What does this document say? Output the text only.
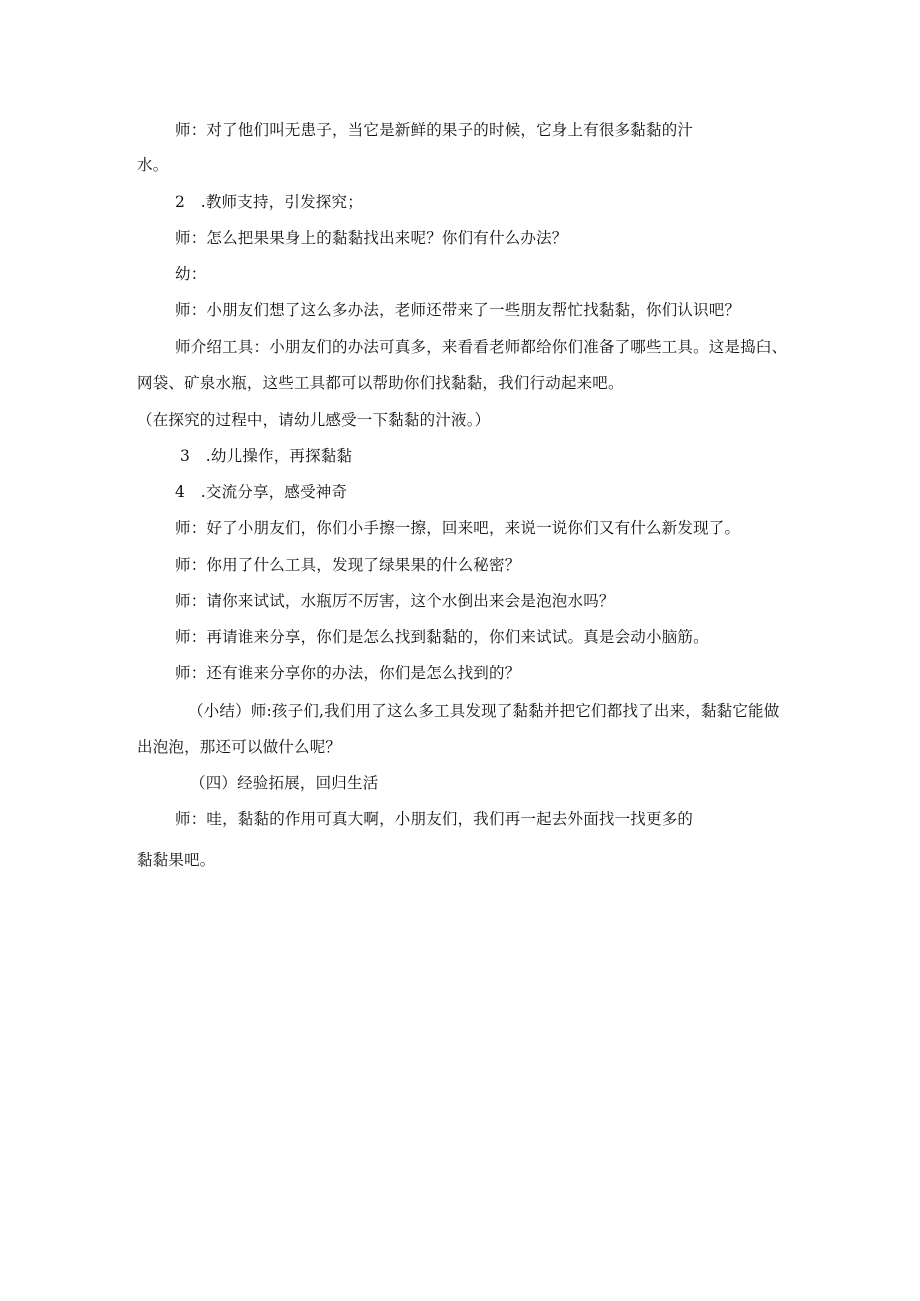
师：对了他们叫无患子，当它是新鲜的果子的时候，它身上有很多黏黏的汁
水。
2　.教师支持，引发探究；
师：怎么把果果身上的黏黏找出来呢？你们有什么办法？
幼：
师：小朋友们想了这么多办法，老师还带来了一些朋友帮忙找黏黏，你们认识吧？
师介绍工具：小朋友们的办法可真多，来看看老师都给你们准备了哪些工具。这是捣臼、
网袋、矿泉水瓶，这些工具都可以帮助你们找黏黏，我们行动起来吧。
（在探究的过程中，请幼儿感受一下黏黏的汁液。）
3　.幼儿操作，再探黏黏
4　.交流分享，感受神奇
师：好了小朋友们，你们小手擦一擦，回来吧，来说一说你们又有什么新发现了。
师：你用了什么工具，发现了绿果果的什么秘密？
师：请你来试试，水瓶厉不厉害，这个水倒出来会是泡泡水吗？
师：再请谁来分享，你们是怎么找到黏黏的，你们来试试。真是会动小脑筋。
师：还有谁来分享你的办法，你们是怎么找到的？
（小结）师:孩子们,我们用了这么多工具发现了黏黏并把它们都找了出来，黏黏它能做
出泡泡，那还可以做什么呢？
（四）经验拓展，回归生活
师：哇，黏黏的作用可真大啊，小朋友们，我们再一起去外面找一找更多的
黏黏果吧。
